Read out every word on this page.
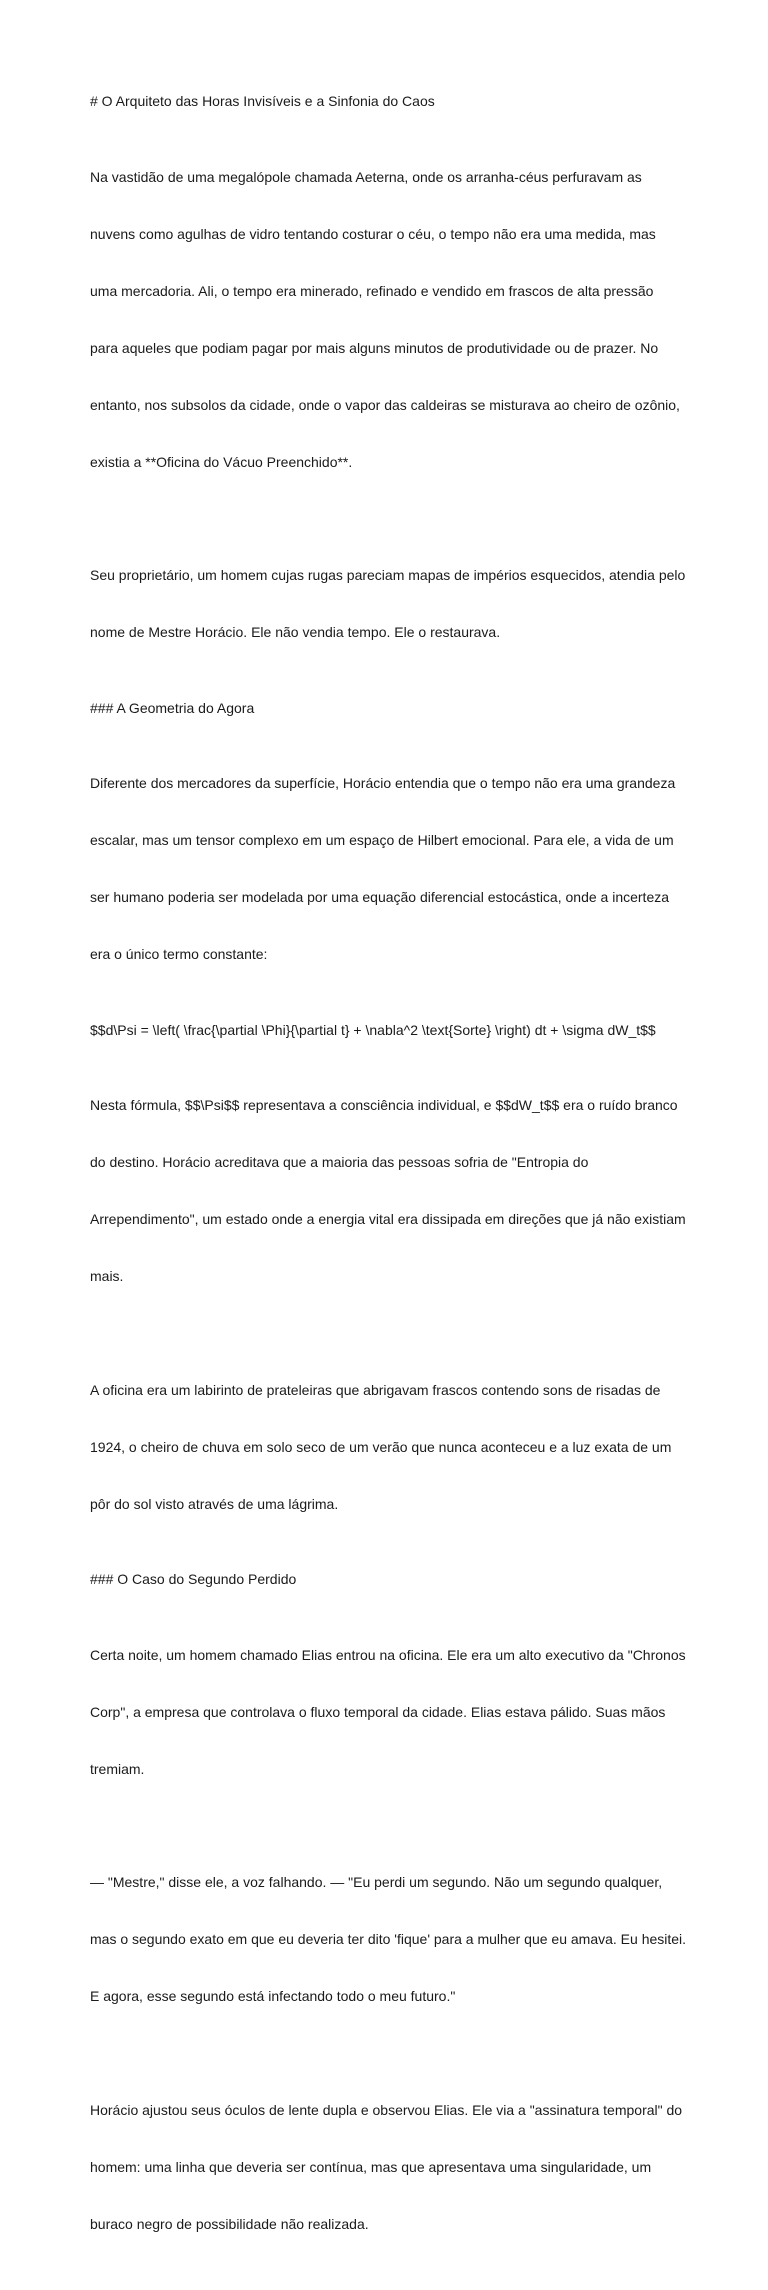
# O Arquiteto das Horas Invisíveis e a Sinfonia do Caos

Na vastidão de uma megalópole chamada Aeterna, onde os arranha-céus perfuravam as

nuvens como agulhas de vidro tentando costurar o céu, o tempo não era uma medida, mas

uma mercadoria. Ali, o tempo era minerado, refinado e vendido em frascos de alta pressão

para aqueles que podiam pagar por mais alguns minutos de produtividade ou de prazer. No

entanto, nos subsolos da cidade, onde o vapor das caldeiras se misturava ao cheiro de ozônio,

existia a **Oficina do Vácuo Preenchido**.

Seu proprietário, um homem cujas rugas pareciam mapas de impérios esquecidos, atendia pelo

nome de Mestre Horácio. Ele não vendia tempo. Ele o restaurava.

### A Geometria do Agora

Diferente dos mercadores da superfície, Horácio entendia que o tempo não era uma grandeza

escalar, mas um tensor complexo em um espaço de Hilbert emocional. Para ele, a vida de um

ser humano poderia ser modelada por uma equação diferencial estocástica, onde a incerteza

era o único termo constante:

$$d\Psi = \left( \frac{\partial \Phi}{\partial t} + \nabla^2 \text{Sorte} \right) dt + \sigma dW_t$$

Nesta fórmula, $$\Psi$$ representava a consciência individual, e $$dW_t$$ era o ruído branco

do destino. Horácio acreditava que a maioria das pessoas sofria de "Entropia do

Arrependimento", um estado onde a energia vital era dissipada em direções que já não existiam

mais.

A oficina era um labirinto de prateleiras que abrigavam frascos contendo sons de risadas de

1924, o cheiro de chuva em solo seco de um verão que nunca aconteceu e a luz exata de um

pôr do sol visto através de uma lágrima.

### O Caso do Segundo Perdido

Certa noite, um homem chamado Elias entrou na oficina. Ele era um alto executivo da "Chronos

Corp", a empresa que controlava o fluxo temporal da cidade. Elias estava pálido. Suas mãos

tremiam.

— "Mestre," disse ele, a voz falhando. — "Eu perdi um segundo. Não um segundo qualquer,

mas o segundo exato em que eu deveria ter dito 'fique' para a mulher que eu amava. Eu hesitei.

E agora, esse segundo está infectando todo o meu futuro."

Horácio ajustou seus óculos de lente dupla e observou Elias. Ele via a "assinatura temporal" do

homem: uma linha que deveria ser contínua, mas que apresentava uma singularidade, um

buraco negro de possibilidade não realizada.
